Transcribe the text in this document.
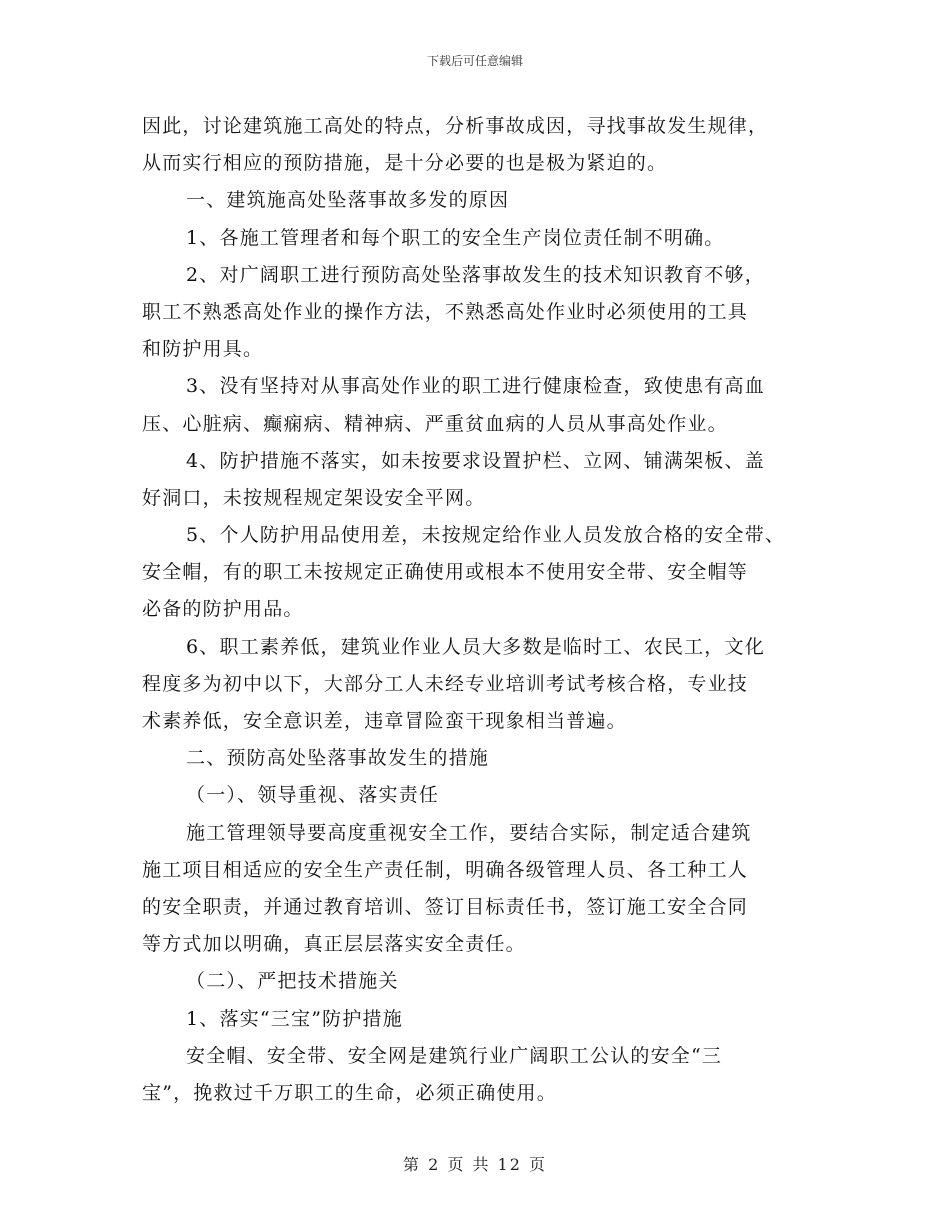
下载后可任意编辑
因此，讨论建筑施工高处的特点，分析事故成因，寻找事故发生规律，
从而实行相应的预防措施，是十分必要的也是极为紧迫的。
一、建筑施高处坠落事故多发的原因
1、各施工管理者和每个职工的安全生产岗位责任制不明确。
2、对广阔职工进行预防高处坠落事故发生的技术知识教育不够，
职工不熟悉高处作业的操作方法，不熟悉高处作业时必须使用的工具
和防护用具。
3、没有坚持对从事高处作业的职工进行健康检查，致使患有高血
压、心脏病、癫痫病、精神病、严重贫血病的人员从事高处作业。
4、防护措施不落实，如未按要求设置护栏、立网、铺满架板、盖
好洞口，未按规程规定架设安全平网。
5、个人防护用品使用差，未按规定给作业人员发放合格的安全带、
安全帽，有的职工未按规定正确使用或根本不使用安全带、安全帽等
必备的防护用品。
6、职工素养低，建筑业作业人员大多数是临时工、农民工，文化
程度多为初中以下，大部分工人未经专业培训考试考核合格，专业技
术素养低，安全意识差，违章冒险蛮干现象相当普遍。
二、预防高处坠落事故发生的措施
（一）、领导重视、落实责任
施工管理领导要高度重视安全工作，要结合实际，制定适合建筑
施工项目相适应的安全生产责任制，明确各级管理人员、各工种工人
的安全职责，并通过教育培训、签订目标责任书，签订施工安全合同
等方式加以明确，真正层层落实安全责任。
（二）、严把技术措施关
1、落实“三宝”防护措施
安全帽、安全带、安全网是建筑行业广阔职工公认的安全“三
宝”，挽救过千万职工的生命，必须正确使用。
第 2 页 共 12 页
